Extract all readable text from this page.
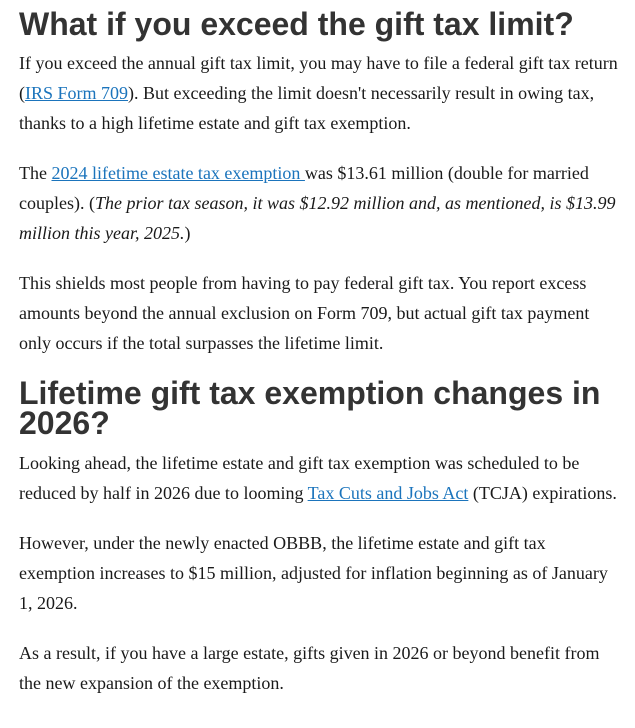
What if you exceed the gift tax limit?

If you exceed the annual gift tax limit, you may have to file a federal gift tax return (IRS Form 709). But exceeding the limit doesn't necessarily result in owing tax, thanks to a high lifetime estate and gift tax exemption.

The 2024 lifetime estate tax exemption was $13.61 million (double for married couples). (The prior tax season, it was $12.92 million and, as mentioned, is $13.99 million this year, 2025.)

This shields most people from having to pay federal gift tax. You report excess amounts beyond the annual exclusion on Form 709, but actual gift tax payment only occurs if the total surpasses the lifetime limit.

Lifetime gift tax exemption changes in 2026?

Looking ahead, the lifetime estate and gift tax exemption was scheduled to be reduced by half in 2026 due to looming Tax Cuts and Jobs Act (TCJA) expirations.

However, under the newly enacted OBBB, the lifetime estate and gift tax exemption increases to $15 million, adjusted for inflation beginning as of January 1, 2026.

As a result, if you have a large estate, gifts given in 2026 or beyond benefit from the new expansion of the exemption.
